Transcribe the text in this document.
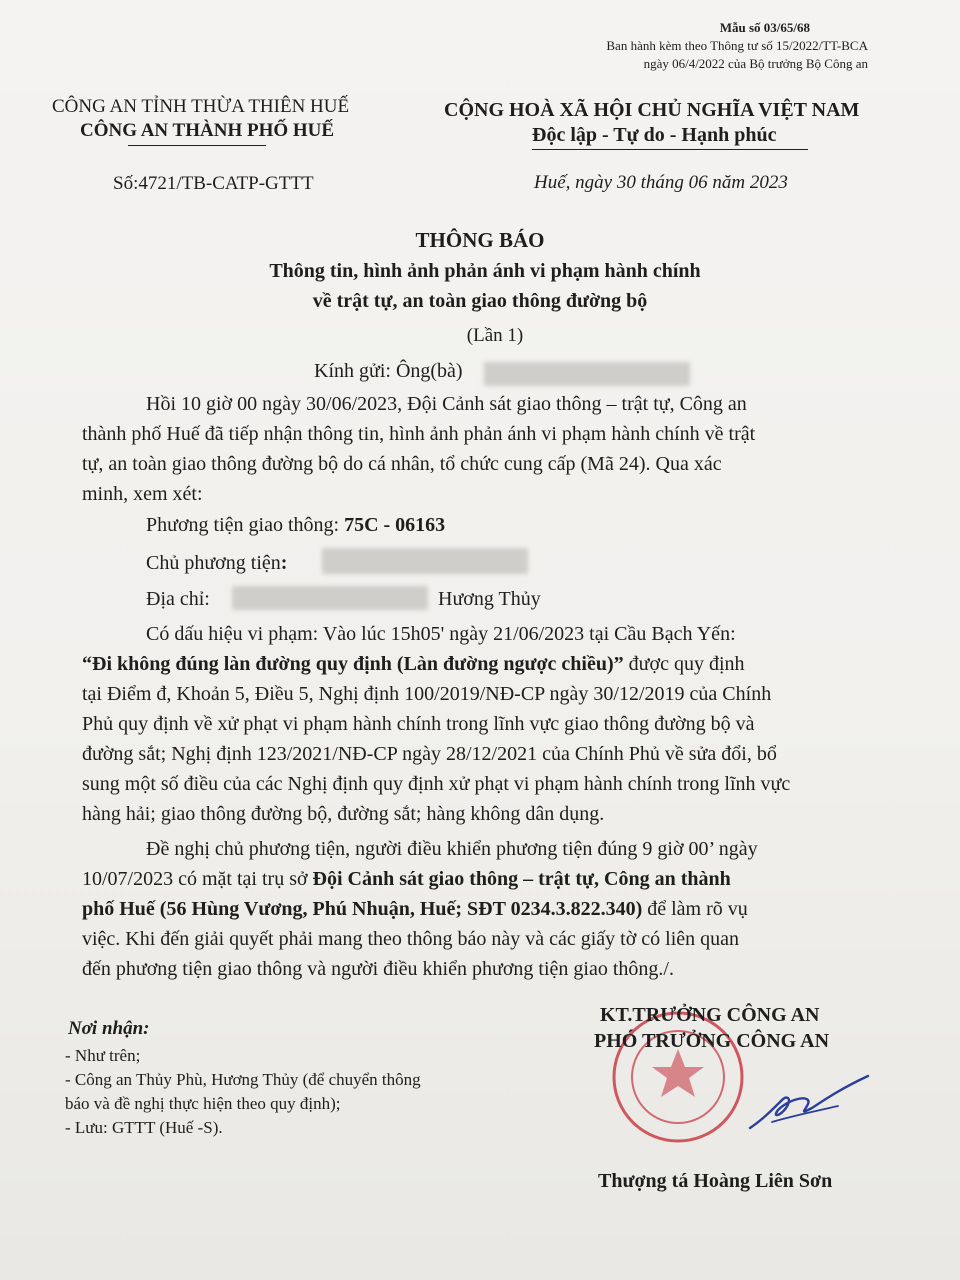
Mẫu số 03/65/68
Ban hành kèm theo Thông tư số 15/2022/TT-BCA
ngày 06/4/2022 của Bộ trưởng Bộ Công an
CÔNG AN TỈNH THỪA THIÊN HUẾ
CÔNG AN THÀNH PHỐ HUẾ
Số:4721/TB-CATP-GTTT
CỘNG HOÀ XÃ HỘI CHỦ NGHĨA VIỆT NAM
Độc lập - Tự do - Hạnh phúc
Huế, ngày 30 tháng 06 năm 2023
THÔNG BÁO
Thông tin, hình ảnh phản ánh vi phạm hành chính
về trật tự, an toàn giao thông đường bộ
(Lần 1)
Kính gửi: Ông(bà)
Hồi 10 giờ 00 ngày 30/06/2023, Đội Cảnh sát giao thông – trật tự, Công an
thành phố Huế đã tiếp nhận thông tin, hình ảnh phản ánh vi phạm hành chính về trật
tự, an toàn giao thông đường bộ do cá nhân, tổ chức cung cấp (Mã 24). Qua xác
minh, xem xét:
Phương tiện giao thông: 75C - 06163
Chủ phương tiện:
Địa chỉ:	Hương Thủy
Có dấu hiệu vi phạm: Vào lúc 15h05' ngày 21/06/2023 tại Cầu Bạch Yến:
“Đi không đúng làn đường quy định (Làn đường ngược chiều)” được quy định
tại Điểm đ, Khoản 5, Điều 5, Nghị định 100/2019/NĐ-CP ngày 30/12/2019 của Chính
Phủ quy định về xử phạt vi phạm hành chính trong lĩnh vực giao thông đường bộ và
đường sắt; Nghị định 123/2021/NĐ-CP ngày 28/12/2021 của Chính Phủ về sửa đổi, bổ
sung một số điều của các Nghị định quy định xử phạt vi phạm hành chính trong lĩnh vực
hàng hải; giao thông đường bộ, đường sắt; hàng không dân dụng.
Đề nghị chủ phương tiện, người điều khiển phương tiện đúng 9 giờ 00’ ngày
10/07/2023 có mặt tại trụ sở Đội Cảnh sát giao thông – trật tự, Công an thành
phố Huế (56 Hùng Vương, Phú Nhuận, Huế; SĐT 0234.3.822.340) để làm rõ vụ
việc. Khi đến giải quyết phải mang theo thông báo này và các giấy tờ có liên quan
đến phương tiện giao thông và người điều khiển phương tiện giao thông./.
Nơi nhận:
- Như trên;
- Công an Thủy Phù, Hương Thủy (để chuyển thông
báo và đề nghị thực hiện theo quy định);
- Lưu: GTTT (Huế -S).
KT.TRƯỞNG CÔNG AN
PHÓ TRƯỞNG CÔNG AN
Thượng tá Hoàng Liên Sơn
